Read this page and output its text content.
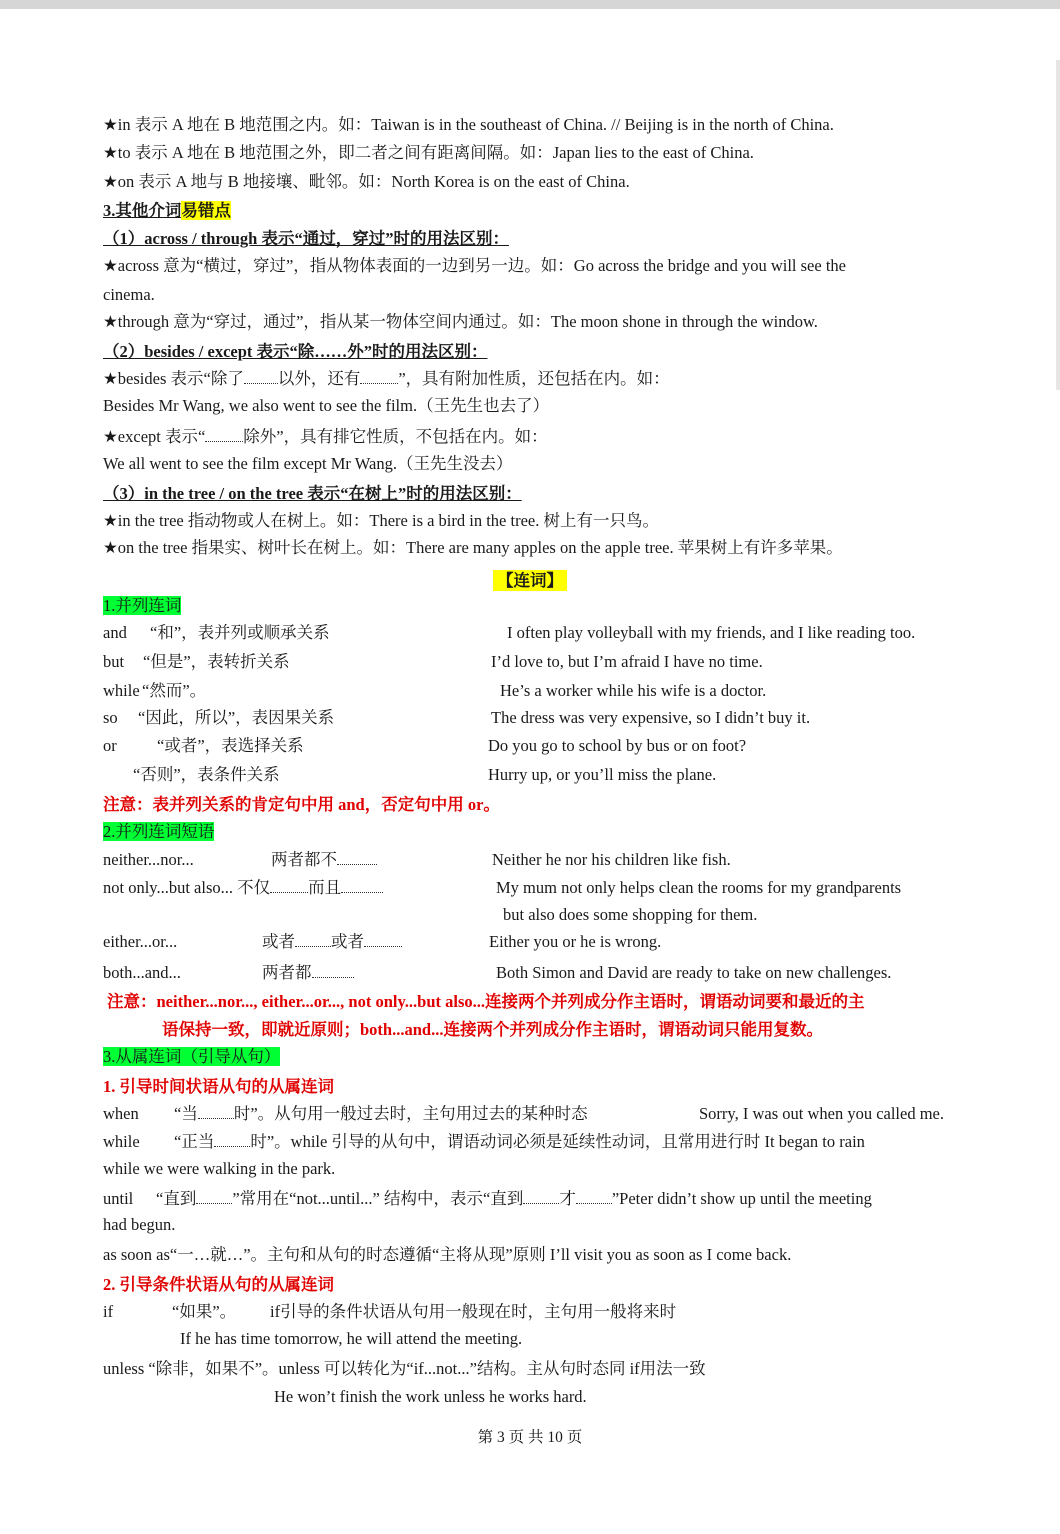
★in 表示 A 地在 B 地范围之内。如：Taiwan is in the southeast of China. // Beijing is in the north of China.
★to 表示 A 地在 B 地范围之外，即二者之间有距离间隔。如：Japan lies to the east of China.
★on 表示 A 地与 B 地接壤、毗邻。如：North Korea is on the east of China.
3.其他介词易错点
（1）across / through 表示“通过，穿过”时的用法区别：
★across 意为“横过，穿过”，指从物体表面的一边到另一边。如：Go across the bridge and you will see the
cinema.
★through 意为“穿过，通过”，指从某一物体空间内通过。如：The moon shone in through the window.
（2）besides / except 表示“除……外”时的用法区别：
★besides 表示“除了 以外，还有 ”，具有附加性质，还包括在内。如：
Besides Mr Wang, we also went to see the film.（王先生也去了）
★except 表示“ 除外”，具有排它性质，不包括在内。如：
We all went to see the film except Mr Wang.（王先生没去）
（3）in the tree / on the tree 表示“在树上”时的用法区别：
★in the tree 指动物或人在树上。如：There is a bird in the tree. 树上有一只鸟。
★on the tree 指果实、树叶长在树上。如：There are many apples on the apple tree. 苹果树上有许多苹果。
【连词】
1.并列连词
and “和”，表并列或顺承关系	I often play volleyball with my friends, and I like reading too.
but “但是”，表转折关系	I’d love to, but I’m afraid I have no time.
while “然而”。	He’s a worker while his wife is a doctor.
so “因此，所以”，表因果关系	The dress was very expensive, so I didn’t buy it.
or “或者”，表选择关系	Do you go to school by bus or on foot?
“否则”，表条件关系	Hurry up, or you’ll miss the plane.
注意：表并列关系的肯定句中用 and，否定句中用 or。
2.并列连词短语
neither...nor...	两者都不	Neither he nor his children like fish.
not only...but also... 不仅 而且	My mum not only helps clean the rooms for my grandparents
but also does some shopping for them.
either...or...	或者 或者	Either you or he is wrong.
both...and...	两者都	Both Simon and David are ready to take on new challenges.
注意：neither...nor..., either...or..., not only...but also...连接两个并列成分作主语时，谓语动词要和最近的主
语保持一致，即就近原则；both...and...连接两个并列成分作主语时，谓语动词只能用复数。
3.从属连词（引导从句）
1. 引导时间状语从句的从属连词
when “当 时”。从句用一般过去时，主句用过去的某种时态	Sorry, I was out when you called me.
while “正当 时”。while 引导的从句中，谓语动词必须是延续性动词，且常用进行时 It began to rain
while we were walking in the park.
until “直到 ”常用在“not...until...” 结构中，表示“直到 才 ”Peter didn’t show up until the meeting
had begun.
as soon as“一…就…”。主句和从句的时态遵循“主将从现”原则 I’ll visit you as soon as I come back.
2. 引导条件状语从句的从属连词
if	“如果”。 if引导的条件状语从句用一般现在时，主句用一般将来时
If he has time tomorrow, he will attend the meeting.
unless “除非，如果不”。unless 可以转化为“if...not...”结构。主从句时态同 if用法一致
He won’t finish the work unless he works hard.
第 3 页 共 10 页
